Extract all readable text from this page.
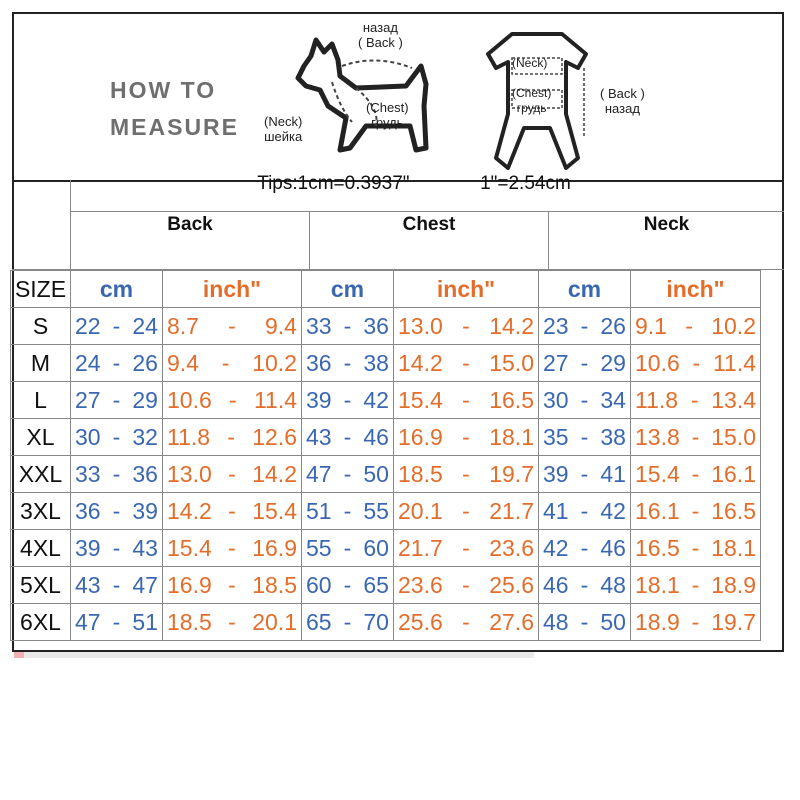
HOW TO
MEASURE
назад
( Back )
(Neck)
шейка
(Chest)
грудь
(Neck)
(Chest)
грудь
( Back )
назад
Tips:1cm=0.3937"	1"=2.54cm
Back	Chest	Neck
SIZE	cm	inch"	cm	inch"	cm	inch"
S	22 - 24	8.7 - 9.4	33 - 36	13.0 - 14.2	23 - 26	9.1 - 10.2

M	24 - 26	9.4 - 10.2	36 - 38	14.2 - 15.0	27 - 29	10.6 - 11.4

L	27 - 29	10.6 - 11.4	39 - 42	15.4 - 16.5	30 - 34	11.8 - 13.4

XL	30 - 32	11.8 - 12.6	43 - 46	16.9 - 18.1	35 - 38	13.8 - 15.0

XXL	33 - 36	13.0 - 14.2	47 - 50	18.5 - 19.7	39 - 41	15.4 - 16.1

3XL	36 - 39	14.2 - 15.4	51 - 55	20.1 - 21.7	41 - 42	16.1 - 16.5

4XL	39 - 43	15.4 - 16.9	55 - 60	21.7 - 23.6	42 - 46	16.5 - 18.1

5XL	43 - 47	16.9 - 18.5	60 - 65	23.6 - 25.6	46 - 48	18.1 - 18.9

6XL	47 - 51	18.5 - 20.1	65 - 70	25.6 - 27.6	48 - 50	18.9 - 19.7
